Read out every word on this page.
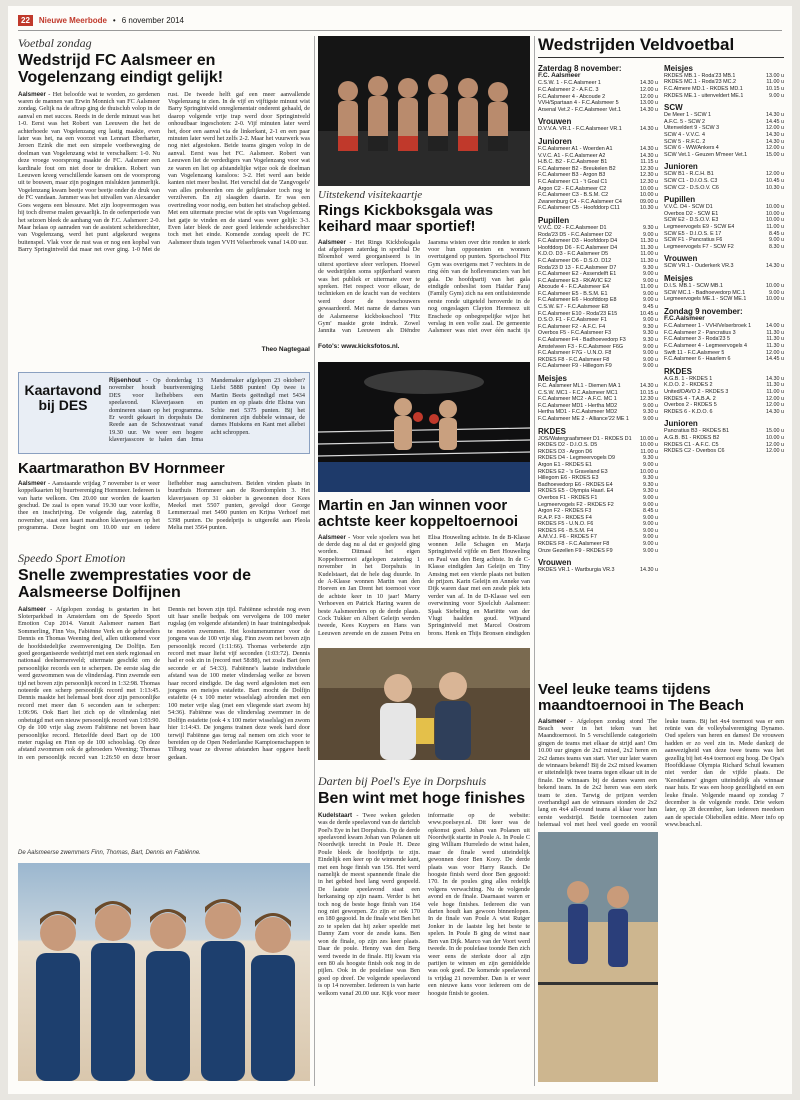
22	Nieuwe Meerbode • 6 november 2014
Voetbal zondag
Wedstrijd FC Aalsmeer en Vogelenzang eindigt gelijk!
Aalsmeer - Het beloofde wat te worden, zo gerdenen waren de mannen van Erwin Monnich van FC Aalsmeer zondag. Gelijk na de aftrap ging de thuisclub volop in de aanval en met succes. Reeds in de derde minuut was het 1-0. Eerst was het Robert van Leeuwen die het de achterhoede van Vogelenzang erg lastig maakte, even later was het, na een voorzet van Lennart Eberharter, Jeroen Ezink die met een simpele voetbeweging de doelman van Vogelenzang wist te verschalken: 1-0. Nu deze vroege voorsprong maakte de FC. Aalsmeer een kardinale fout om niet door te drukken. Robert van Leeuwen kreeg verschillende kansen om de voorsprong uit te bouwen, maar zijn pogingen mislukten jammerlijk. Vogelenzang kwam beetje voor beetje onder de druk van de FC vandaan. Jammer was het uitvallen van Alexander Goes wegens een blessure. Met zijn loopvermogen was hij toch diverse malen gevaarlijk. In de oefenperiode van het seizoen bleek de aanhang van de F.C. Aalsmeer: 2-0. Maar helaas op aanraden van de assistent scheidsrechter, van Vogelenzang, werd het punt afgekeurd wegens buitenspel. Vlak voor de rust was er nog een kopbal van Barry Springintveld dat maar net over ging. 1-0 Met de rust. De tweede helft gaf een meer aanvallende Vogelenzang te zien. In de vijf en vijftigste minuut wist Barry Springintveld onreglementair onderent gehaald, de daarop volgende vrije trap werd door Springintveld onhoudbaar ingeschoten: 2-0. Vijf minuten later werd het, door een aanval via de linkerkant, 2-1 en een paar minuten later werd het zelfs 2-2. Maar het vuurwerk was nog niet afgestoken. Beide teams gingen volop in de aanval. Eerst was het FC. Aalsmeer. Robert van Leeuwen liet de verdedigers van Vogelenzang voor wat ze waren en liet op afstandelijke wijze ook de doelman van Vogelenzang kansloos: 3-2. Het werd aan beide kanten niet meer beslist. Het verschil dat de 'Zangvogels' van alles probeerden om de gelijkmaker toch nog te verzilveren. En zij slaagden daarin. Er was een overtreding voor nodig, een buiten het strafschop gebied. Met een uitermate precise wist de spits van Vogelenzang het gatje te vinden en de stand was weer gelijk: 3-3. Even later bleek de zeer goed leidende scheidsrechter toch met het einde. Komende zondag speelt de FC Aalsmeer thuis tegen VVH Velserbroek vanaf 14.00 uur.
Theo Nagtegaal
Kaartavond bij DES
Rijsenhout - Op donderdag 13 november houdt buurtvereniging DES voor liefhebbers een speelavond. Klaverjassen en domineren staan op het programma. Er wordt gekaart in dorpshuis De Reede aan de Schouwstraat vanaf 19.30 uur. We weer een hogere klaverjasscore te halen dan Irma Mandemaker afgelopen 23 oktober? Liefst 5888 punten! Op twee is Martin Beets geëindigd met 5434 punten en op plaats drie Elsina van Schie met 5375 punten. Bij het domineren zijn dubbele winnaar, de dames Huiskens en Kant met allebei acht schroppen.
Kaartmarathon BV Hornmeer
Aalsmeer - Aanstaande vrijdag 7 november is er weer koppelkaarten bij buurtvereniging Hornmeer. Iedereen is van harte welkom. Om 20.00 uur worden de kaarten geschud. De zaal is open vanaf 19.30 uur voor koffie, thee en inschrijving. De volgende dag, zaterdag 8 november, staat een kaart marathon klaverjassen op het programma. Deze begint om 10.00 uur en iedere liefhebber mag aanschuiven. Beiden vinden plaats in buurthuis Hornmeer aan de Roerdomplein 3. Het klaverjassen op 31 oktober is gewonnen door Kees Meekel met 5507 punten, gevolgd door George Lemmerzaal met 5490 punten en Krijna Verhoef met 5398 punten. De poedelprijs is uitgereikt aan Pleola Melia met 3564 punten.
Speedo Sport Emotion
Snelle zwemprestaties voor de Aalsmeerse Dolfijnen
Aalsmeer - Afgelopen zondag is gestarten in het Sloterparkbad in Amsterdam om de Speedo Sport Emotion Cup 2014. Vanuit Aalsmeer namen Bart Sommerling, Finn Vos, Fabiënne Verk en de gebroeders Dennis en Thomas Weening deel, allen uitkomend voor de hoofdstedelijke zwemvereniging De Dolfijn. Een goed georganiseerde wedstrijd met een sterk regionaal en nationaal deelnemersveld; uitermate geschikt om de persoonlijke records een te scherpen. De eerste slag die werd gezwommen was de vlinderslag. Finn zwemde een tijd net boven zijn persoonlijk record in 1:32:98. Thomas noteerde een scherp persoonlijk record met 1:13:45. Dennis maakte het helemaal bont door zijn persoonlijke record met meer dan 6 seconden aan te scherpen: 1:06:96. Ook Bart liet zich op de vlinderslag niet onbetuigd met een nieuw persoonlijk record van 1:03:90. Op de 100 vrije slag zwom Fabiënne net boven haar persoonlijke record. Hetzelfde deed Bart op de 100 meter rugslag en Finn op de 100 schoolslag. Op deze afstand zwommen ook de gebroeders Weening; Thomas in een persoonlijk record van 1:26:50 en deze broer Dennis net boven zijn tijd. Fabiënne schreide nog even uit haar snelle bedpak om vervolgens de 100 meter rugslag (en volgende afstanden) in haar trainingsbedpak te moeten zwemmen. Het kostumenummer voor de jongens was de 100 vrije slag. Finn zwom net boven zijn persoonlijk record (1:11:66). Thomas verbeterde zijn record met maar liefst vijf seconden (1:03:72). Dennis had er ook zin in (record met 58:88), net zoals Bart (een seconde er af 54:33). Fabiënne's laatste individuele afstand was de 100 meter vlinderslag welke ze boven haar record eindigde. De dag werd afgesloten met een jongens en meisjes estafette. Bart mocht de Dolfijn estafette (4 x 100 meter wisselslag) afronden met een 100 meter vrije slag (met een vliegende start zwom hij 54:36). Fabiënne was de vlinderslag zwemmer in de Dolfijn estafette (ook 4 x 100 meter wisselslag) en zwom hier 1:14:43. De jongens trainen deze week hard door terwijl Fabiënne gas terug zal nemen om zich voor te bereiden op de Open Nederlandse Kampioenschappen te Tilburg waar ze diverse afstanden haar opgave heeft gedaan.
De Aalsmeerse zwemmers Finn, Thomas, Bart, Dennis en Fabiënne.
Uitstekend visitekaartje
Rings Kickboksgala was keihard maar sportief!
Aalsmeer - Het Rings Kickboksgala dat afgelopen zaterdag in sporthal De Bloemhof werd georganiseerd is in uiterst sportieve sfeer verlopen. Hoewel de wedstrijden soms spijkerhard waren was het publiek er uitermate over te spreken. Het respect voor elkaar, de technieken en de kracht van de vechters werd door de toeschouwers gewaardeerd. Met name de dames van de Aalsmeerse kickboksschool 'Fitz Gym' maakte grote indruk. Zowel Jannita van Leeuwen als Diëndre Jaarsma wisten over drie ronden te sterk voor hun opponenten en wonnen overtuigend op punten. Sportschool Fitz Gym was overigens met 7 vechters in de ring één van de hofleveranciers van het gala. De hoofdpartij van het gala eindigde onbeslist toen Haidar Faraj (Family Gym) zich na een ontluisterende eerste ronde uitgeteld heroverde in de nog ongeslagen Clayton Hereneez uit Enschede op onbegrepelijke wijze het verslag in een volle zaal. De gemeente Aalsmeer was niet over één nacht ijs
Foto's: www.kicksfotos.nl.
Martin en Jan winnen voor achtste keer koppeltoernooi
Aalsmeer - Voor vele sjoelers was het de derde dag nu al dat er gesjoeld ging worden. Ditmaal het eigen Koppeltoernooi afgelopen zaterdag 1 november in het Dorpshuis in Kudelstaart, dat de hele dag duurde. In de A-Klasse wonnen Martin van den Hoeven en Jan Drent het toernooi voor de achtste keer in 10 jaar! Marry Verhoeven en Patrick Haring waren de beste Aalsmeerders op de derde plaats. Cock Tukker en Albert Geleijn werden tweede, Kees Kuypers en Hans van Leeuwen zevende en de zussen Petra en Elisa Houweling achtste. In de B-Klasse wonnen Jelle Schagen en Marja Springintveld vijfde en Bert Houweling en Paul van den Berg achtste. In de C-Klasse eindigden Jan Geleijn en Tiny Amsing met een vierde plaats net buiten de prijzen. Karin Geleijn en Anneke van Dijk waren daar met een zesde plek iets verder van af. In de D-Klasse wel een overwinning voor Sjoelclub Aalsmeer: Sjaak Siebeling en Mariëtte van der Vlugt haalden goud. Wijnand Springintveld met Marcel Oostrom brons. Henk en Thijs Bronsen eindigden
Darten bij Poel's Eye in Dorpshuis
Ben wint met hoge finishes
Kudelstaart - Twee weken geleden was de derde speelavond van de dartclub Poel's Eye in het Dorpshuis. Op de derde speelavond kwam Johan van Polanen uit Noordwijk terecht in Poule H. Deze Poule bleek de hoofdprijs te zijn. Eindelijk een keer op de winnende kant, met een hoge finish van 156. Het werd namelijk de meest spannende finale die in het gebied heel lang werd gespeeld. De laatste speelavond staat een herkansing op zijn naam. Verder is het toch nog de beste hoge finish van 164 nog niet geworpen. Zo zijn er ook 170 en 180 gegooid. In de finale wist Ben het zo te spelen dat hij zeker speelde met Danny Zam voor de zesde kans. Ben won de finale, op zijn zes keer plaats. Daar de poule. Henny van den Berg werd tweede in de finale. Hij kwam via een 80 als hoogste finish ook nog in de pijlen. Ook in de poulefase was Ben goed op dreef. De volgende speelavond is op 14 november. Iedereen is van harte welkom vanaf 20.00 uur. Kijk voor meer informatie op de website: www.poelseye.nl. Dit keer was de opkomst goed. Johan van Polanen uit Noordwijk startte in Poule A. In Poule C ging William Hurreledo de winst halen, maar de finale werd uiteindelijk gewonnen door Ben Kooy. De derde plaats was voor Harry Rauch. De hoogste finish werd door Ben gegooid: 170. In de poules ging alles redelijk volgens verwachting. Nu de volgende avond en de finale. Daarnaast waren er vele hoge finishes. Iedereen die van darten houdt kan gewoon binnenlopen. In de finale van Poule A wist Rutger Jonker in de laatste leg het beste te spelen. In Poule B ging de winst naar Ben van Dijk. Marco van der Voort werd tweede. In de poulefase toonde Ben zich weer eens de sterkste door al zijn partijen te winnen en zijn gemiddelde was ook goed. De komende speelavond is vrijdag 21 november. Dan is er weer een nieuwe kans voor iedereen om de hoogste finish te gooien.
Wedstrijden Veldvoetbal
Zaterdag 8 november:
F.C. Aalsmeer
C.S.W. 1 - F.C.Aalsmeer 1	14.30 u
F.C.Aalsmeer 2 - A.F.C. 3	12.00 u
F.C.Aalsmeer 4 - Abcoude 2	12.00 u
VVH/Spartaan 4 - F.C.Aalsmeer 5	13.00 u
Arsenal Vet.2 - F.C.Aalsmeer Vet.1	14.30 u
Vrouwen
D.V.V.A. VR.1 - F.C.Aalsmeer VR.1	14.30 u
Junioren
F.C.Aalsmeer A1 - Woerden A1	14.30 u
V.V.C. A1 - F.C.Aalsmeer A2	14.30 u
H.B.C. B2 - F.C.Aalsmeer B1	11.15 u
F.C.Aalsmeer B2 - Breukelen B2	12.30 u
F.C.Aalsmeer B3 - Argon B3	12.30 u
F.C.Aalsmeer C1 - 't Goal C1	12.30 u
Argon C2 - F.C.Aalsmeer C2	10.00 u
F.C.Aalsmeer C3 - B.S.M. C2	10.00 u
Zwanenburg C4 - F.C.Aalsmeer C4	09.00 u
F.C.Aalsmeer C5 - Hoofddorp C11	10.30 u
Pupillen
V.V.C. D2 - F.C.Aalsmeer D1	9.30 u
Roda'23 D5 - F.C.Aalsmeer D2	9.00 u
F.C.Aalsmeer D3 - Hoofddorp D4	11.30 u
Hoofddorp D6 - F.C.Aalsmeer D4	11.30 u
K.D.O. D3 - F.C.Aalsmeer D5	11.00 u
F.C.Aalsmeer D6 - D.S.O. D12	11.30 u
Roda'23 D 13 - F.C.Aalsmeer D7	9.30 u
F.C.Aalsmeer E2 - Assendelft E1	9.00 u
F.C.Aalsmeer E3 - RKAVIC E2	9.00 u
Abcoude 4 - F.C.Aalsmeer E4	11.00 u
F.C.Aalsmeer E5 - B.S.M. E1	9.00 u
F.C.Aalsmeer E6 - Hoofddorp E8	9.00 u
C.S.W. E7 - F.C.Aalsmeer E8	9.45 u
F.C.Aalsmeer E10 - Roda'23 E15	10.45 u
D.S.O. F1 - F.C.Aalsmeer F1	9.00 u
F.C.Aalsmeer F2 - A.F.C. F4	9.30 u
Overbos F5 - F.C.Aalsmeer F3	9.30 u
F.C.Aalsmeer F4 - Badhoevedorp F3	9.30 u
Amstelveen F3 - F.C.Aalsmeer F6G	9.00 u
F.C.Aalsmeer F7G - U.N.O. F8	9.00 u
RKDES F8 - F.C.Aalsmeer F8	9.00 u
F.C.Aalsmeer F9 - Hillegom F9	9.00 u
Meisjes
F.C. Aalsmeer ML1 - Diemen MA 1	14.30 u
C.S.W. MC1 - F.C.Aalsmeer MC1	10.15 u
F.C.Aalsmeer MC2 - A.F.C. MC 1	12.30 u
F.C.Aalsmeer MD1 - Hertha MD2	9.00 u
Hertha MD1 - F.C.Aalsmeer MD2	9.30 u
F.C.Aalsmeer ME 2 - Alliance'22 ME 1	9.00 u
RKDES
JOS/Watergraafsmeer D1 - RKDES D1	10.00 u
RKDES D2 - D.I.O.S. D5	10.00 u
RKDES D3 - Argon D6	11.00 u
RKDES D4 - Legmeervogels D9	9.30 u
Argon E1 - RKDES E1	9.00 u
RKDES E2 - 's Graveland E3	10.00 u
Hillegom E6 - RKDES E3	9.30 u
Badhoevedorp E6 - RKDES E4	9.30 u
RKDES E5 - Olympia Haarl. E4	9.30 u
Overbos F1 - RKDES F1	9.00 u
Legmeervogels F2 - RKDES F2	9.00 u
Argon F2 - RKDES F3	8.45 u
R.A.P. F3 - RKDES F4	9.00 u
RKDES F5 - U.N.O. F6	9.00 u
RKDES F6 - B.S.M. F4	9.00 u
A.M.V.J. F6 - RKDES F7	9.00 u
RKDES F8 - F.C.Aalsmeer F8	9.00 u
Onze Gezellen F9 - RKDES F9	9.00 u
Vrouwen
RKDES VR.1 - Wartburgia VR.3	14.30 u
Meisjes
RKDES MB.1 - Roda'23 MB.1	13.00 u
RKDES MC.1 - Roda'23 MC.2	11.00 u
F.C.Almere MD.1 - RKDES MD.1	10.15 u
RKDES ME.1 - uitenveldert ME.1	9.00 u
SCW
De Meer 1 - SCW 1	14.30 u
A.F.C. 5 - SCW 2	14.45 u
Uitenveldert 9 - SCW 3	12.00 u
SCW 4 - V.V.C. 4	14.30 u
SCW 5 - R.F.C. 2	14.30 u
SCW 6 - WW/Ankers 4	12.00 u
SCW Vet.1 - Geuzen M'meer Vet.1	15.00 u
Junioren
SCW B1 - R.C.H. B1	12.00 u
SCW C1 - D.I.O.S. C3	10.45 u
SCW C2 - D.S.O.V. C6	10.30 u
Pupillen
V.V.C. D4 - SCW D1	10.00 u
Overbos D2 - SCW E1	10.00 u
SCW E2 - D.S.O.V. E3	10.00 u
Legmeervogels E9 - SCW E4	11.00 u
SCW E5 - D.I.O.S. E 17	8.45 u
SCW F1 - Pancratius F6	9.00 u
Legmeervogels F7 - SCW F2	8.30 u
Vrouwen
SCW VR.1 - Ouderkerk VR.3	14.30 u
Meisjes
D.I.S. MB.1 - SCW MB.1	10.00 u
SCW MC.1 - Badhoevedorp MC.1	9.00 u
Legmeervogels ME.1 - SCW ME.1	10.00 u
Zondag 9 november:
F.C.Aalsmeer
F.C.Aalsmeer 1 - VVH/Velserbroek 1	14.00 u
F.C.Aalsmeer 2 - Pancratius 3	11.30 u
F.C.Aalsmeer 3 - Roda'23 5	11.30 u
F.C.Aalsmeer 4 - Legmeervogels 4	11.30 u
Swift 11 - F.C.Aalsmeer 5	12.00 u
F.C.Aalsmeer 6 - Haarlem 6	14.45 u
RKDES
A.G.B. 1 - RKDES 1	14.30 u
K.D.O. 2 - RKDES 2	11.30 u
United/DAVO 2 - RKDES 3	11.00 u
RKDES 4 - T.A.B.A. 2	12.00 u
Overbos 2 - RKDES 5	12.00 u
RKDES 6 - K.D.O. 6	14.30 u
Junioren
Pancratius B3 - RKDES B1	15.00 u
A.G.B. B1 - RKDES B2	10.00 u
RKDES C1 - A.F.C. C5	12.00 u
RKDES C2 - Overbos C6	12.00 u
Veel leuke teams tijdens maandtoernooi in The Beach
Aalsmeer - Afgelopen zondag stond The Beach weer in het teken van het Maandtoernooi. In 5 verschillende categorieën gingen de teams met elkaar de strijd aan! Om 10.00 uur gingen de 2x2 mixed, 2x2 heren en 2x2 dames teams van start. Vier uur later waren de winnaars bekend! Bij de 2x2 mixed kwamen er uiteindelijk twee teams tegen elkaar uit in de finale. De winnaars bij de dames waren een bekend team. In de 2x2 heren was een sterk team te zien. Tarwig de prijzen werden overhandigd aan de winnaars stonden de 2x2 lang en 4x4 all-round teams al klaar voor hun eerste wedstrijd. Beide toernooien zaten helemaal vol met heel veel goede en voorál leuke teams. Bij het 4x4 toernooi was er een reünie van de volleybalvereniging Dynamo. Oud spelers van heren en dames! De vrouwen hadden er zo veel zin in. Mede dankzij de aanwezigheid van deze twee teams was het gezellig bij het 4x4 toernooi erg hoog. De Opa's Hoofdklasse Olympia Richard Schuil kwamen niet verder dan de vijfde plaats. De 'Kerstdames' gingen uiteindelijk als winnaar naar huis. Er was een hoop gezelligheid en een leuke finale. Volgende maand op zondag 7 december is de volgende ronde. Drie weken later, op 28 december, kan iedereen meedoen aan de speciale Oliebollen editie. Meer info op www.beach.nl.
